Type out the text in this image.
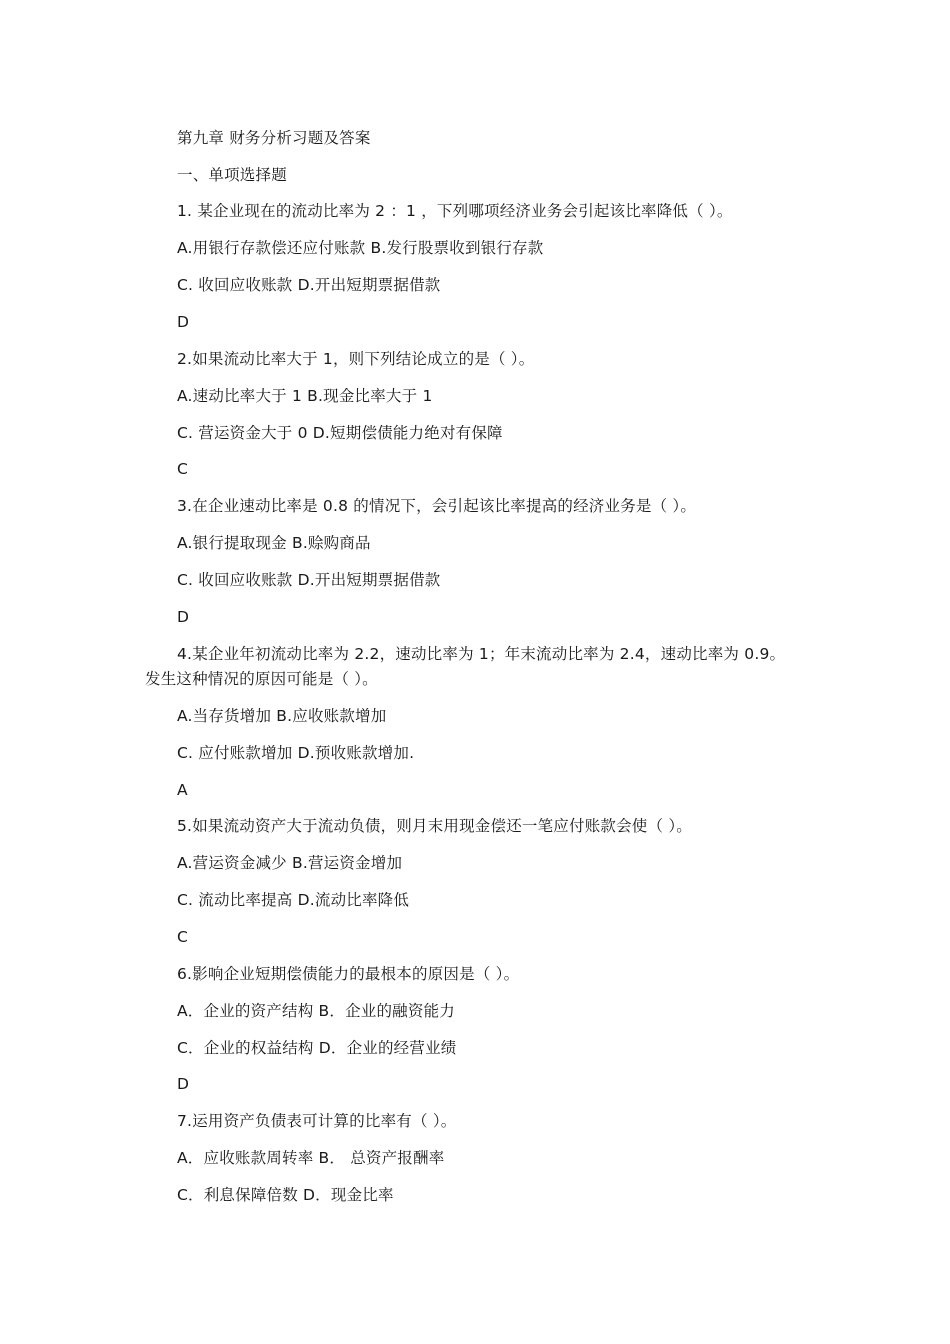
第九章 财务分析习题及答案
一、单项选择题
1. 某企业现在的流动比率为 2 ：1 ，下列哪项经济业务会引起该比率降低（ ）。
A.用银行存款偿还应付账款 B.发行股票收到银行存款
C. 收回应收账款 D.开出短期票据借款
D
2.如果流动比率大于 1，则下列结论成立的是（ ）。
A.速动比率大于 1 B.现金比率大于 1
C. 营运资金大于 0 D.短期偿债能力绝对有保障
C
3.在企业速动比率是 0.8 的情况下，会引起该比率提高的经济业务是（ ）。
A.银行提取现金 B.赊购商品
C. 收回应收账款 D.开出短期票据借款
D
4.某企业年初流动比率为 2.2，速动比率为 1；年末流动比率为 2.4，速动比率为 0.9。
发生这种情况的原因可能是（ ）。
A.当存货增加 B.应收账款增加
C. 应付账款增加 D.预收账款增加.
A
5.如果流动资产大于流动负债，则月末用现金偿还一笔应付账款会使（ ）。
A.营运资金减少 B.营运资金增加
C. 流动比率提高 D.流动比率降低
C
6.影响企业短期偿债能力的最根本的原因是（ ）。
A．企业的资产结构 B．企业的融资能力
C．企业的权益结构 D．企业的经营业绩
D
7.运用资产负债表可计算的比率有（ ）。
A．应收账款周转率 B． 总资产报酬率
C．利息保障倍数 D．现金比率
